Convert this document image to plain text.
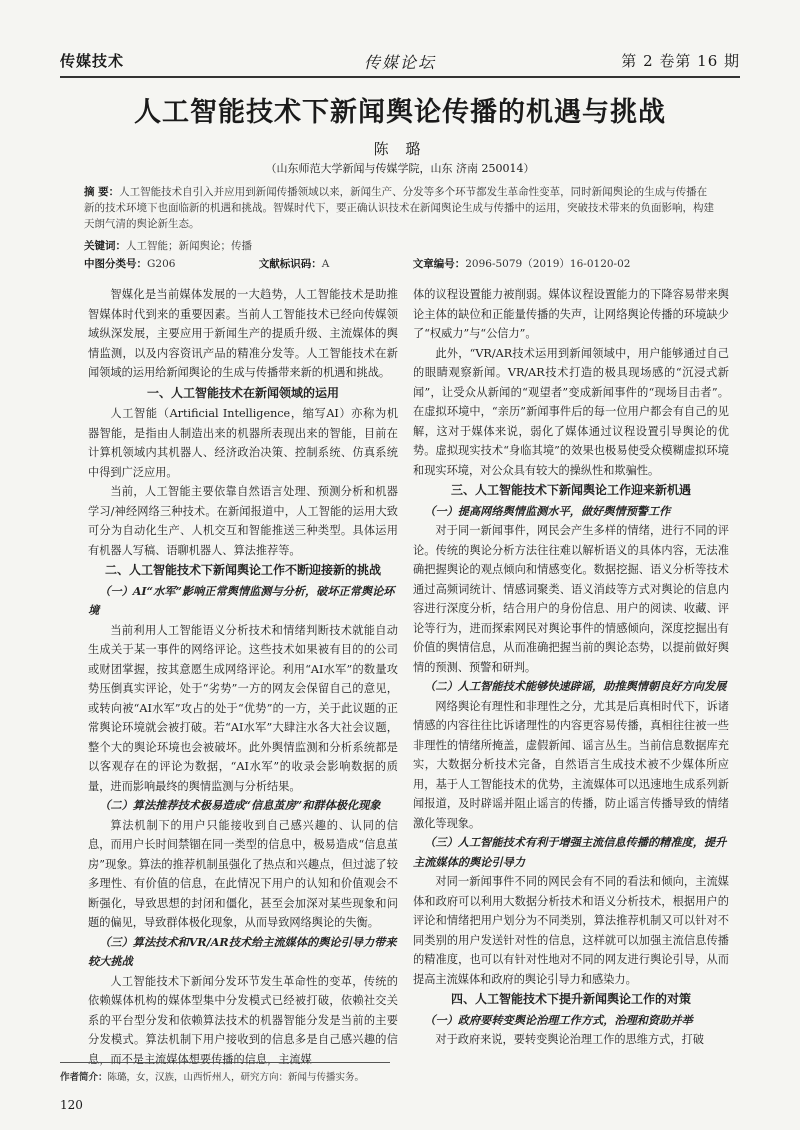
传媒技术	传媒论坛	第 2 卷第 16 期
人工智能技术下新闻舆论传播的机遇与挑战
陈 璐
（山东师范大学新闻与传媒学院，山东 济南 250014）
摘 要：人工智能技术自引入并应用到新闻传播领域以来，新闻生产、分发等多个环节都发生革命性变革，同时新闻舆论的生成与传播在新的技术环境下也面临新的机遇和挑战。智媒时代下，要正确认识技术在新闻舆论生成与传播中的运用，突破技术带来的负面影响，构建天朗气清的舆论新生态。
关键词：人工智能；新闻舆论；传播
中图分类号：G206	文献标识码：A	文章编号：2096-5079（2019）16-0120-02

智媒化是当前媒体发展的一大趋势，人工智能技术是助推智媒体时代到来的重要因素。当前人工智能技术已经向传媒领域纵深发展，主要应用于新闻生产的提质升级、主流媒体的舆情监测，以及内容资讯产品的精准分发等。人工智能技术在新闻领域的运用给新闻舆论的生成与传播带来新的机遇和挑战。

一、人工智能技术在新闻领域的运用

人工智能（Artificial Intelligence，缩写AI）亦称为机器智能，是指由人制造出来的机器所表现出来的智能，目前在计算机领域内其机器人、经济政治决策、控制系统、仿真系统中得到广泛应用。

当前，人工智能主要依靠自然语言处理、预测分析和机器学习/神经网络三种技术。在新闻报道中，人工智能的运用大致可分为自动化生产、人机交互和智能推送三种类型。具体运用有机器人写稿、语聊机器人、算法推荐等。

二、人工智能技术下新闻舆论工作不断迎接新的挑战
（一）AI“水军”影响正常舆情监测与分析，破坏正常舆论环境

当前利用人工智能语义分析技术和情绪判断技术就能自动生成关于某一事件的网络评论。这些技术如果被有目的的公司或财团掌握，按其意愿生成网络评论。利用“AI水军”的数量攻势压倒真实评论，处于“劣势”一方的网友会保留自己的意见，或转向被“AI水军”攻占的处于“优势”的一方，关于此议题的正常舆论环境就会被打破。若“AI水军”大肆注水各大社会议题，整个大的舆论环境也会被破坏。此外舆情监测和分析系统都是以客观存在的评论为数据，“AI水军”的收录会影响数据的质量，进而影响最终的舆情监测与分析结果。

（二）算法推荐技术极易造成“信息茧房”和群体极化现象

算法机制下的用户只能接收到自己感兴趣的、认同的信息，而用户长时间禁锢在同一类型的信息中，极易造成“信息茧房”现象。算法的推荐机制虽强化了热点和兴趣点，但过滤了较多理性、有价值的信息，在此情况下用户的认知和价值观会不断强化，导致思想的封闭和僵化，甚至会加深对某些现象和问题的偏见，导致群体极化现象，从而导致网络舆论的失衡。

（三）算法技术和VR/AR技术给主流媒体的舆论引导力带来较大挑战

人工智能技术下新闻分发环节发生革命性的变革，传统的依赖媒体机构的媒体型集中分发模式已经被打破，依赖社交关系的平台型分发和依赖算法技术的机器智能分发是当前的主要分发模式。算法机制下用户接收到的信息多是自己感兴趣的信息，而不是主流媒体想要传播的信息，主流媒

体的议程设置能力被削弱。媒体议程设置能力的下降容易带来舆论主体的缺位和正能量传播的失声，让网络舆论传播的环境缺少了“权威力”与“公信力”。

此外，“VR/AR技术运用到新闻领域中，用户能够通过自己的眼睛观察新闻。VR/AR技术打造的极具现场感的“沉浸式新闻”，让受众从新闻的“观望者”变成新闻事件的“现场目击者”。在虚拟环境中，“亲历”新闻事件后的每一位用户都会有自己的见解，这对于媒体来说，弱化了媒体通过议程设置引导舆论的优势。虚拟现实技术“身临其境”的效果也极易使受众模糊虚拟环境和现实环境，对公众具有较大的操纵性和欺骗性。

三、人工智能技术下新闻舆论工作迎来新机遇
（一）提高网络舆情监测水平，做好舆情预警工作

对于同一新闻事件，网民会产生多样的情绪，进行不同的评论。传统的舆论分析方法往往难以解析语义的具体内容，无法准确把握舆论的观点倾向和情感变化。数据挖掘、语义分析等技术通过高频词统计、情感词聚类、语义消歧等方式对舆论的信息内容进行深度分析，结合用户的身份信息、用户的阅读、收藏、评论等行为，进而探索网民对舆论事件的情感倾向，深度挖掘出有价值的舆情信息，从而准确把握当前的舆论态势，以提前做好舆情的预测、预警和研判。

（二）人工智能技术能够快速辟谣，助推舆情朝良好方向发展

网络舆论有理性和非理性之分，尤其是后真相时代下，诉诸情感的内容往往比诉诸理性的内容更容易传播，真相往往被一些非理性的情绪所掩盖，虚假新闻、谣言丛生。当前信息数据库充实，大数据分析技术完备，自然语言生成技术被不少媒体所应用，基于人工智能技术的优势，主流媒体可以迅速地生成系列新闻报道，及时辟谣并阻止谣言的传播，防止谣言传播导致的情绪激化等现象。

（三）人工智能技术有利于增强主流信息传播的精准度，提升主流媒体的舆论引导力

对同一新闻事件不同的网民会有不同的看法和倾向，主流媒体和政府可以利用大数据分析技术和语义分析技术，根据用户的评论和情绪把用户划分为不同类别，算法推荐机制又可以针对不同类别的用户发送针对性的信息，这样就可以加强主流信息传播的精准度，也可以有针对性地对不同的网友进行舆论引导，从而提高主流媒体和政府的舆论引导力和感染力。

四、人工智能技术下提升新闻舆论工作的对策
（一）政府要转变舆论治理工作方式，治理和资助并举

对于政府来说，要转变舆论治理工作的思维方式，打破

作者简介：陈璐，女，汉族，山西忻州人，研究方向：新闻与传播实务。
120
